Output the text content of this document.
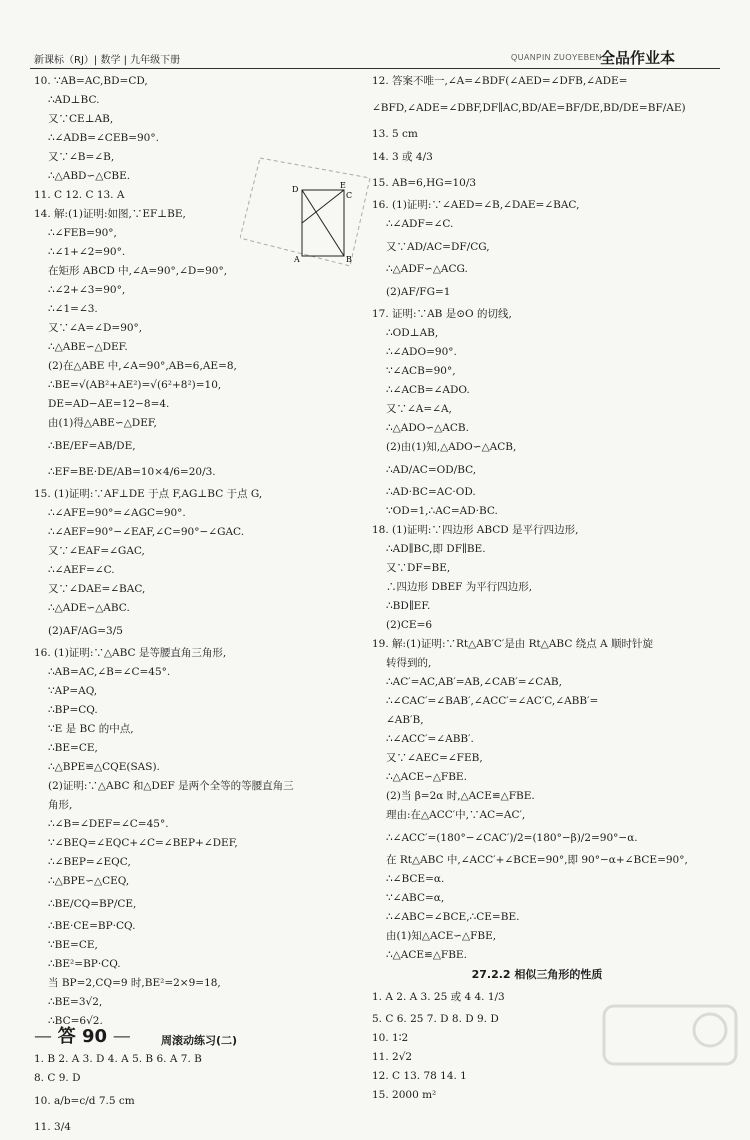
新课标（RJ）| 数学 | 九年级下册	QUANPIN ZUOYEBEN
全品作业本
10. ∵AB=AC,BD=CD,
∴AD⊥BC.
又∵CE⊥AB,
∴∠ADB=∠CEB=90°.
又∵∠B=∠B,
∴△ABD∽△CBE.
11. C 12. C 13. A
14. 解:(1)证明:如图,∵EF⊥BE,
∴∠FEB=90°,
∴∠1+∠2=90°.
在矩形 ABCD 中,∠A=90°,∠D=90°,
∴∠2+∠3=90°,
∴∠1=∠3.
又∵∠A=∠D=90°,
∴△ABE∽△DEF.
(2)在△ABE 中,∠A=90°,AB=6,AE=8,
∴BE=√(AB²+AE²)=√(6²+8²)=10,
DE=AD−AE=12−8=4.
由(1)得△ABE∽△DEF,
∴BE/EF=AB/DE,
∴EF=BE·DE/AB=10×4/6=20/3.
15. (1)证明:∵AF⊥DE 于点 F,AG⊥BC 于点 G,
∴∠AFE=90°=∠AGC=90°.
∴∠AEF=90°−∠EAF,∠C=90°−∠GAC.
又∵∠EAF=∠GAC,
∴∠AEF=∠C.
又∵∠DAE=∠BAC,
∴△ADE∽△ABC.
(2)AF/AG=3/5
16. (1)证明:∵△ABC 是等腰直角三角形,
∴AB=AC,∠B=∠C=45°.
∵AP=AQ,
∴BP=CQ.
∵E 是 BC 的中点,
∴BE=CE,
∴△BPE≌△CQE(SAS).
(2)证明:∵△ABC 和△DEF 是两个全等的等腰直角三
角形,
∴∠B=∠DEF=∠C=45°.
∵∠BEQ=∠EQC+∠C=∠BEP+∠DEF,
∴∠BEP=∠EQC,
∴△BPE∽△CEQ,
∴BE/CQ=BP/CE,
∴BE·CE=BP·CQ.
∵BE=CE,
∴BE²=BP·CQ.
当 BP=2,CQ=9 时,BE²=2×9=18,
∴BE=3√2,
∴BC=6√2.
周滚动练习(二)
1. B 2. A 3. D 4. A 5. B 6. A 7. B
8. C 9. D
10. a/b=c/d 7.5 cm
11. 3/4
E
D
C
A	B
12. 答案不唯一,∠A=∠BDF(∠AED=∠DFB,∠ADE=
∠BFD,∠ADE=∠DBF,DF∥AC,BD/AE=BF/DE,BD/DE=BF/AE)
13. 5 cm
14. 3 或 4/3
15. AB=6,HG=10/3
16. (1)证明:∵∠AED=∠B,∠DAE=∠BAC,
∴∠ADF=∠C.
又∵AD/AC=DF/CG,
∴△ADF∽△ACG.
(2)AF/FG=1
17. 证明:∵AB 是⊙O 的切线,
∴OD⊥AB,
∴∠ADO=90°.
∵∠ACB=90°,
∴∠ACB=∠ADO.
又∵∠A=∠A,
∴△ADO∽△ACB.
(2)由(1)知,△ADO∽△ACB,
∴AD/AC=OD/BC,
∴AD·BC=AC·OD.
∵OD=1,∴AC=AD·BC.
18. (1)证明:∵四边形 ABCD 是平行四边形,
∴AD∥BC,即 DF∥BE.
又∵DF=BE,
∴四边形 DBEF 为平行四边形,
∴BD∥EF.
(2)CE=6
19. 解:(1)证明:∵Rt△AB′C′是由 Rt△ABC 绕点 A 顺时针旋
转得到的,
∴AC′=AC,AB′=AB,∠CAB′=∠CAB,
∴∠CAC′=∠BAB′,∠ACC′=∠AC′C,∠ABB′=
∠AB′B,
∴∠ACC′=∠ABB′.
又∵∠AEC=∠FEB,
∴△ACE∽△FBE.
(2)当 β=2α 时,△ACE≌△FBE.
理由:在△ACC′中,∵AC=AC′,
∴∠ACC′=(180°−∠CAC′)/2=(180°−β)/2=90°−α.
在 Rt△ABC 中,∠ACC′+∠BCE=90°,即 90°−α+∠BCE=90°,
∴∠BCE=α.
∵∠ABC=α,
∴∠ABC=∠BCE,∴CE=BE.
由(1)知△ACE∽△FBE,
∴△ACE≌△FBE.
27.2.2 相似三角形的性质
1. A 2. A 3. 25 或 4 4. 1/3
5. C 6. 25 7. D 8. D 9. D
10. 1∶2
11. 2√2
12. C 13. 78 14. 1
15. 2000 m²
— 答 90 —
